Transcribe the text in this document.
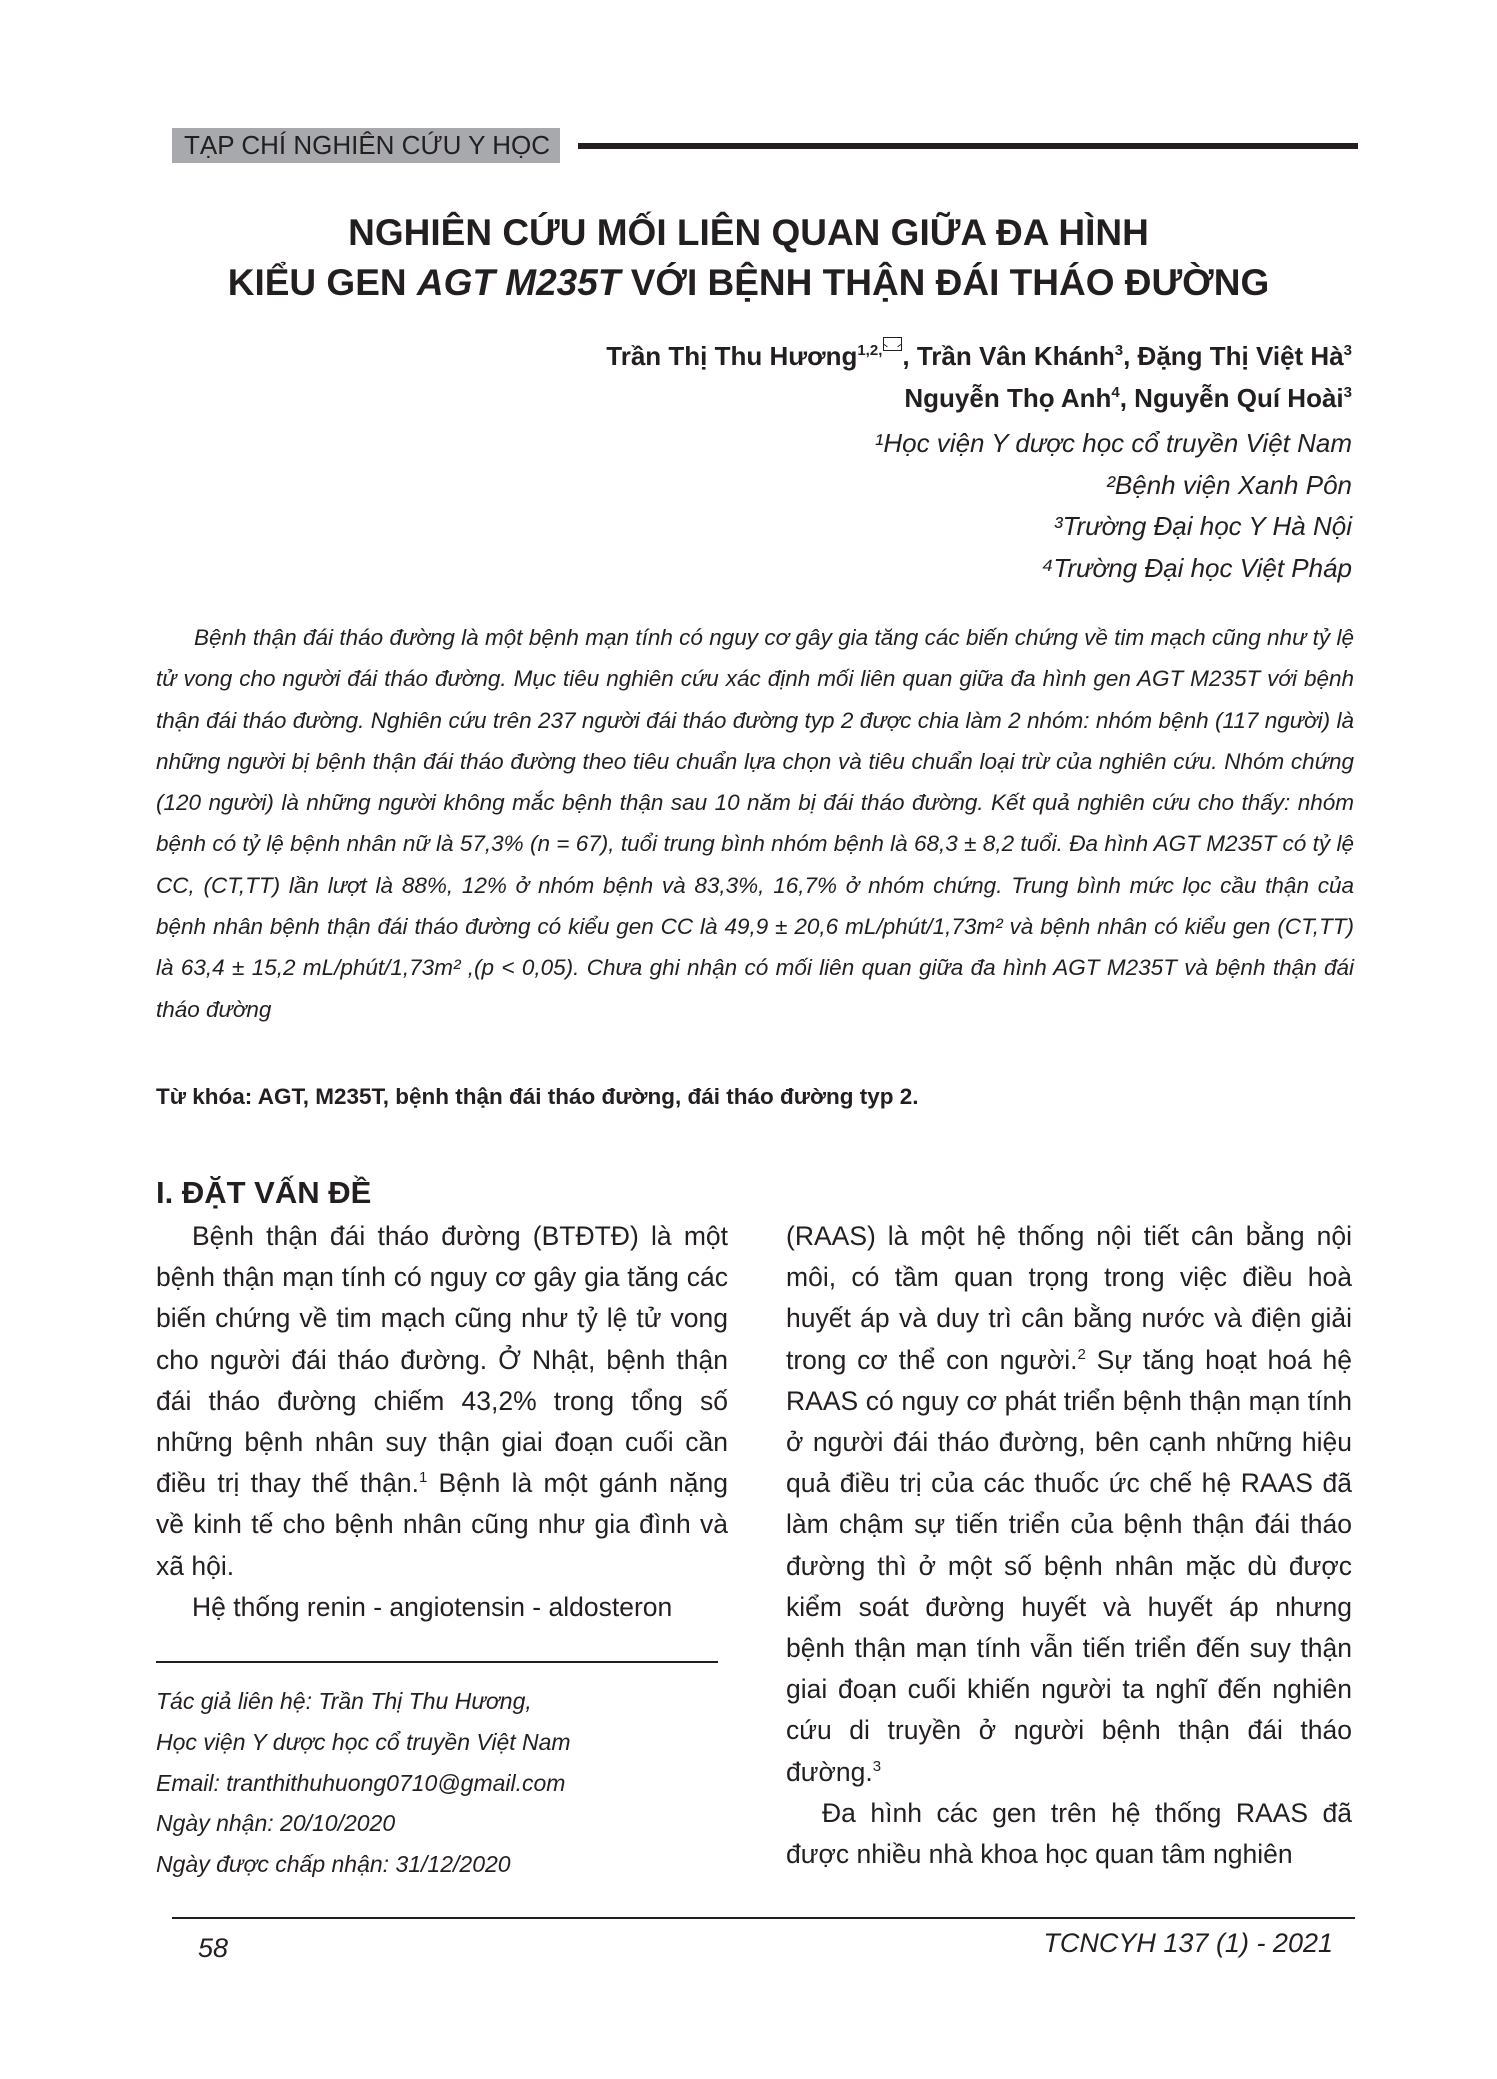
TẠP CHÍ NGHIÊN CỨU Y HỌC
NGHIÊN CỨU MỐI LIÊN QUAN GIỮA ĐA HÌNH
KIỂU GEN AGT M235T VỚI BỆNH THẬN ĐÁI THÁO ĐƯỜNG
Trần Thị Thu Hương$^{1,2,}$ , Trần Vân Khánh$^3$, Đặng Thị Việt $Hà^3$
Nguyễn Thọ Anh$^4$, Nguyễn Quí Hoài$^3$
¹Học viện Y dược học cổ truyền Việt Nam
²Bệnh viện Xanh Pôn
³Trường Đại học Y Hà Nội
⁴Trường Đại học Việt Pháp

Bệnh thận đái tháo đường là một bệnh mạn tính có nguy cơ gây gia tăng các biến chứng về tim mạch cũng như tỷ lệ tử vong cho người đái tháo đường. Mục tiêu nghiên cứu xác định mối liên quan giữa đa hình gen AGT M235T với bệnh thận đái tháo đường. Nghiên cứu trên 237 người đái tháo đường typ 2 được chia làm 2 nhóm: nhóm bệnh (117 người) là những người bị bệnh thận đái tháo đường theo tiêu chuẩn lựa chọn và tiêu chuẩn loại trừ của nghiên cứu. Nhóm chứng (120 người) là những người không mắc bệnh thận sau 10 năm bị đái tháo đường. Kết quả nghiên cứu cho thấy: nhóm bệnh có tỷ lệ bệnh nhân nữ là 57,3% (n = 67), tuổi trung bình nhóm bệnh là 68,3 ± 8,2 tuổi. Đa hình AGT M235T có tỷ lệ CC, (CT,TT) lần lượt là 88%, 12% ở nhóm bệnh và 83,3%, 16,7% ở nhóm chứng. Trung bình mức lọc cầu thận của bệnh nhân bệnh thận đái tháo đường có kiểu gen CC là 49,9 ± 20,6 mL/phút/1,73m² và bệnh nhân có kiểu gen (CT,TT) là 63,4 ± 15,2 mL/phút/1,73m² ,(p < 0,05). Chưa ghi nhận có mối liên quan giữa đa hình AGT M235T và bệnh thận đái tháo đường

Từ khóa: AGT, M235T, bệnh thận đái tháo đường, đái tháo đường typ 2.
I. ĐẶT VẤN ĐỀ

Bệnh thận đái tháo đường (BTĐTĐ) là một bệnh thận mạn tính có nguy cơ gây gia tăng các biến chứng về tim mạch cũng như tỷ lệ tử vong cho người đái tháo đường. Ở Nhật, bệnh thận đái tháo đường chiếm 43,2% trong tổng số những bệnh nhân suy thận giai đoạn cuối cần điều trị thay thế thận.$^1$ Bệnh là một gánh nặng về kinh tế cho bệnh nhân cũng như gia đình và xã hội.

Hệ thống renin - angiotensin - aldosteron

(RAAS) là một hệ thống nội tiết cân bằng nội môi, có tầm quan trọng trong việc điều hoà huyết áp và duy trì cân bằng nước và điện giải trong cơ thể con người.$^2$ Sự tăng hoạt hoá hệ RAAS có nguy cơ phát triển bệnh thận mạn tính ở người đái tháo đường, bên cạnh những hiệu quả điều trị của các thuốc ức chế hệ RAAS đã làm chậm sự tiến triển của bệnh thận đái tháo đường thì ở một số bệnh nhân mặc dù được kiểm soát đường huyết và huyết áp nhưng bệnh thận mạn tính vẫn tiến triển đến suy thận giai đoạn cuối khiến người ta nghĩ đến nghiên cứu di truyền ở người bệnh thận đái tháo đường.$^3$

Đa hình các gen trên hệ thống RAAS đã được nhiều nhà khoa học quan tâm nghiên

Tác giả liên hệ: Trần Thị Thu Hương,
Học viện Y dược học cổ truyền Việt Nam
Email: tranthithuhuong0710@gmail.com
Ngày nhận: 20/10/2020
Ngày được chấp nhận: 31/12/2020
58	TCNCYH 137 (1) - 2021
